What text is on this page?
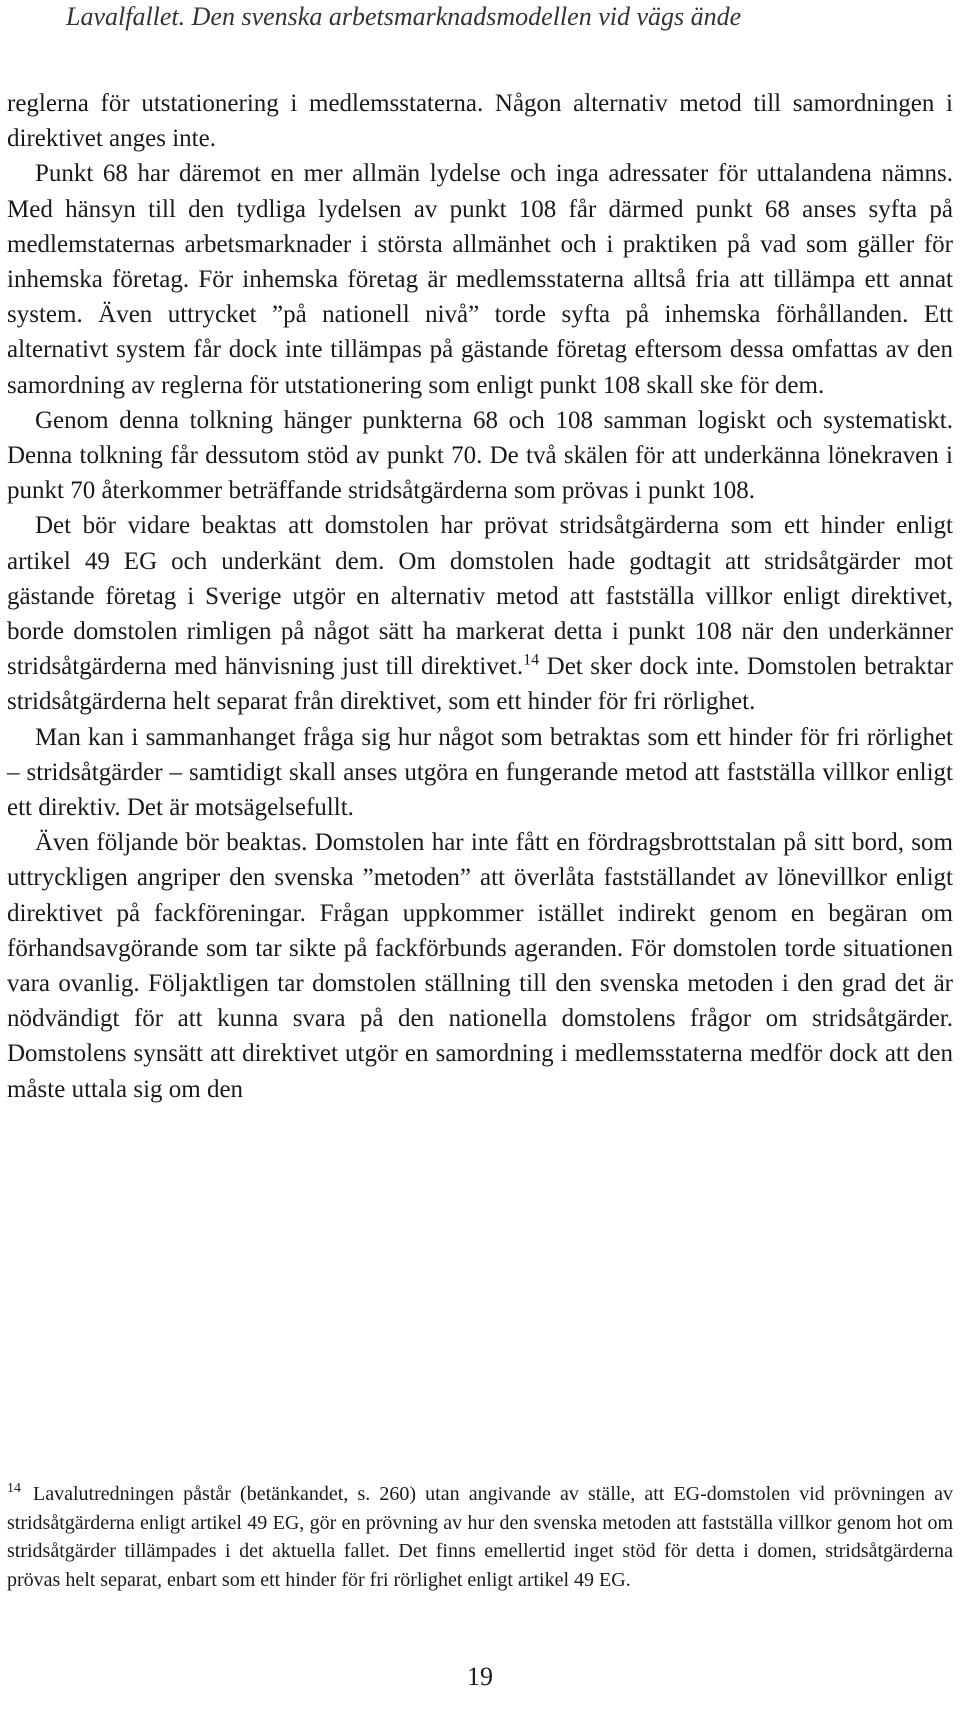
Lavalfallet. Den svenska arbetsmarknadsmodellen vid vägs ände

reglerna för utstationering i medlemsstaterna. Någon alternativ metod till samordningen i direktivet anges inte.

Punkt 68 har däremot en mer allmän lydelse och inga adressater för uttalandena nämns. Med hänsyn till den tydliga lydelsen av punkt 108 får därmed punkt 68 anses syfta på medlemstaternas arbetsmarknader i största allmänhet och i praktiken på vad som gäller för inhemska företag. För inhemska företag är medlemsstaterna alltså fria att tillämpa ett annat system. Även uttrycket ”på nationell nivå” torde syfta på inhemska förhållanden. Ett alternativt system får dock inte tillämpas på gästande företag eftersom dessa omfattas av den samordning av reglerna för utstationering som enligt punkt 108 skall ske för dem.

Genom denna tolkning hänger punkterna 68 och 108 samman logiskt och systematiskt. Denna tolkning får dessutom stöd av punkt 70. De två skälen för att underkänna lönekraven i punkt 70 återkommer beträffande stridsåtgärderna som prövas i punkt 108.

Det bör vidare beaktas att domstolen har prövat stridsåtgärderna som ett hinder enligt artikel 49 EG och underkänt dem. Om domstolen hade godtagit att stridsåtgärder mot gästande företag i Sverige utgör en alternativ metod att fastställa villkor enligt direktivet, borde domstolen rimligen på något sätt ha markerat detta i punkt 108 när den underkänner stridsåtgärderna med hänvisning just till direktivet.$^{14}$ Det sker dock inte. Domstolen betraktar stridsåtgärderna helt separat från direktivet, som ett hinder för fri rörlighet.

Man kan i sammanhanget fråga sig hur något som betraktas som ett hinder för fri rörlighet – stridsåtgärder – samtidigt skall anses utgöra en fungerande metod att fastställa villkor enligt ett direktiv. Det är motsägelsefullt.

Även följande bör beaktas. Domstolen har inte fått en fördragsbrottstalan på sitt bord, som uttryckligen angriper den svenska ”metoden” att överlåta fastställandet av lönevillkor enligt direktivet på fackföreningar. Frågan uppkommer istället indirekt genom en begäran om förhandsavgörande som tar sikte på fackförbunds ageranden. För domstolen torde situationen vara ovanlig. Följaktligen tar domstolen ställning till den svenska metoden i den grad det är nödvändigt för att kunna svara på den nationella domstolens frågor om stridsåtgärder. Domstolens synsätt att direktivet utgör en samordning i medlemsstaterna medför dock att den måste uttala sig om den

$^{14}$ Lavalutredningen påstår (betänkandet, s. 260) utan angivande av ställe, att EG-domstolen vid prövningen av stridsåtgärderna enligt artikel 49 EG, gör en prövning av hur den svenska metoden att fastställa villkor genom hot om stridsåtgärder tillämpades i det aktuella fallet. Det finns emellertid inget stöd för detta i domen, stridsåtgärderna prövas helt separat, enbart som ett hinder för fri rörlighet enligt artikel 49 EG.

19
